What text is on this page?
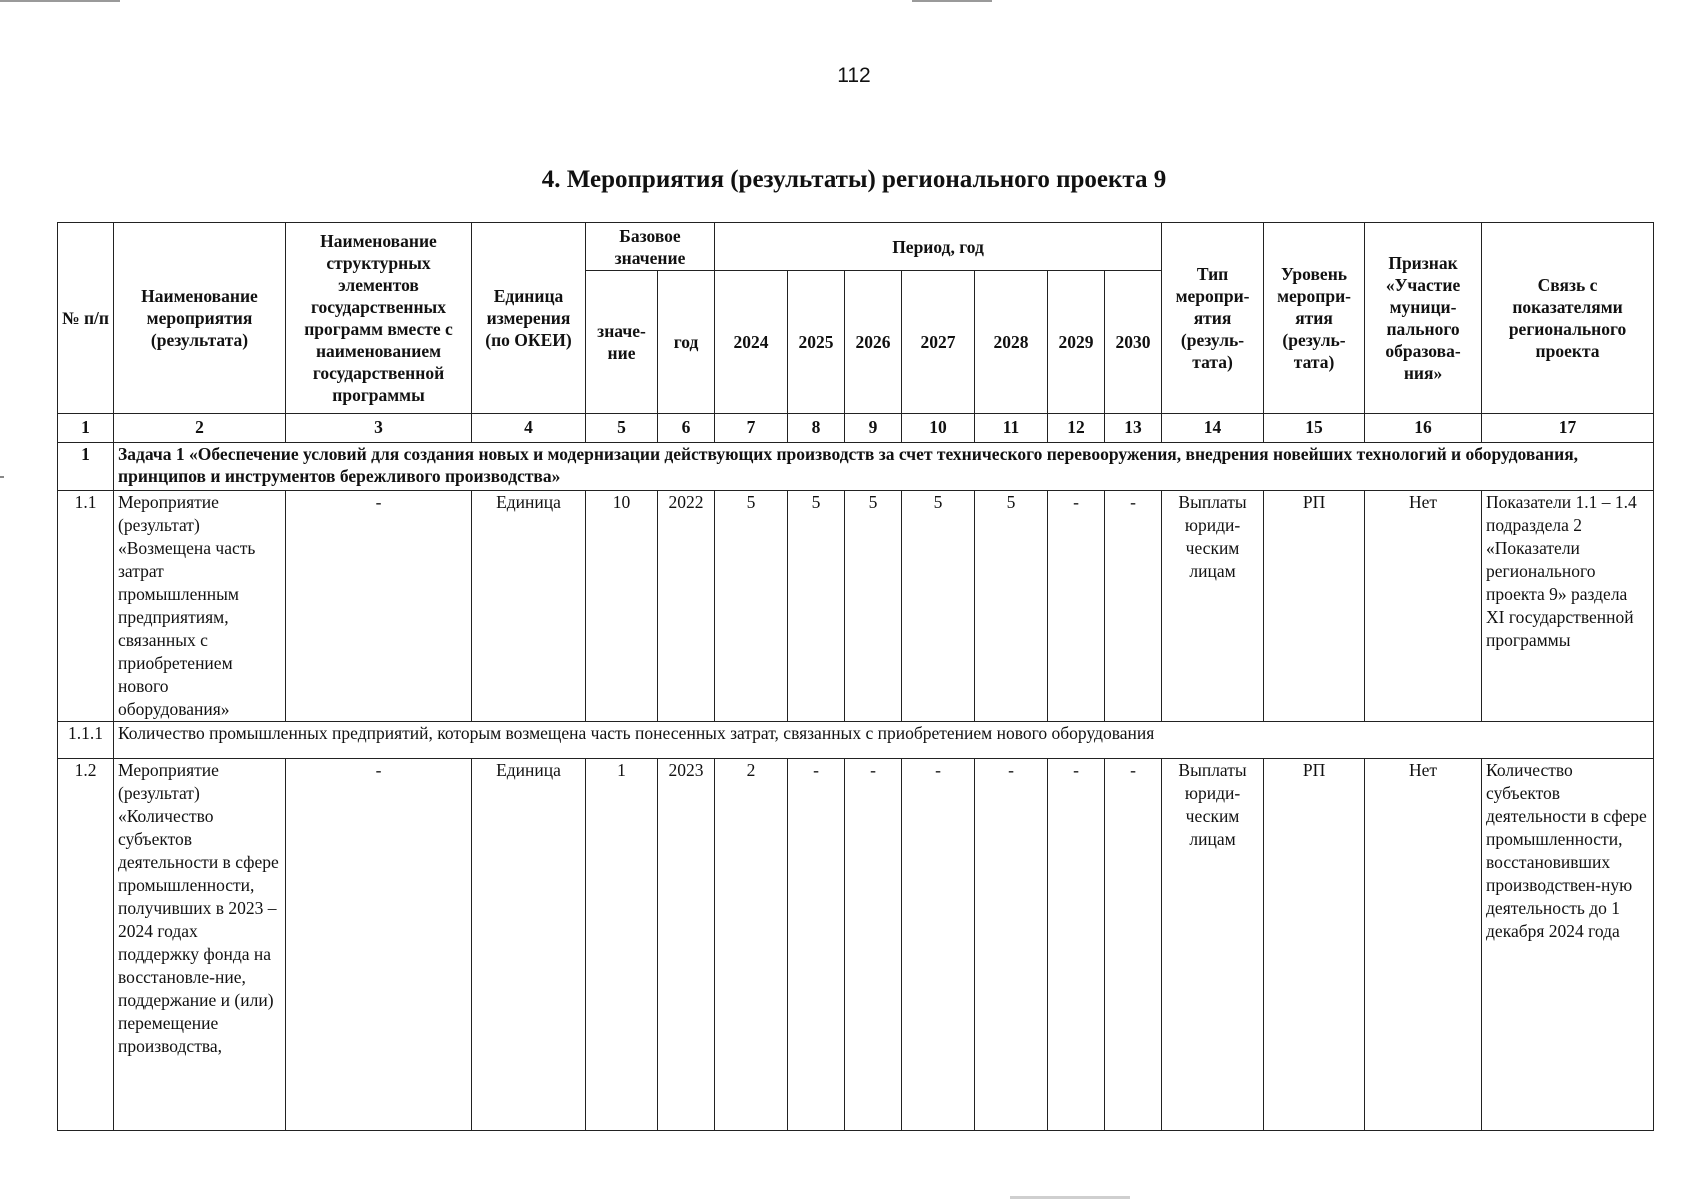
112
4. Мероприятия (результаты) регионального проекта 9
№ п/п	Наименование мероприятия (результата)	Наименование структурных элементов государственных программ вместе с наименованием государственной программы	Единица измерения (по ОКЕИ)	Базовое значение		Период, год							Тип меропри-ятия (резуль-тата)	Уровень меропри-ятия (резуль-тата)	Признак «Участие муници-пального образова-ния»	Связь с показателями регионального проекта
				значе-ние	год	2024	2025	2026	2027	2028	2029	2030				
1	2	3	4	5	6	7	8	9	10	11	12	13	14	15	16	17
1	Задача 1 «Обеспечение условий для создания новых и модернизации действующих производств за счет технического перевооружения, внедрения новейших технологий и оборудования, принципов и инструментов бережливого производства»															
1.1	Мероприятие (результат) «Возмещена часть затрат промышленным предприятиям, связанных с приобретением нового оборудования»	-	Единица	10	2022	5	5	5	5	5	-	-	Выплаты юриди-ческим лицам	РП	Нет	Показатели 1.1 – 1.4 подраздела 2 «Показатели регионального проекта 9» раздела XI государственной программы
1.1.1	Количество промышленных предприятий, которым возмещена часть понесенных затрат, связанных с приобретением нового оборудования															
1.2	Мероприятие (результат) «Количество субъектов деятельности в сфере промышленности, получивших в 2023 – 2024 годах поддержку фонда на восстановле-ние, поддержание и (или) перемещение производства,	-	Единица	1	2023	2	-	-	-	-	-	-	Выплаты юриди-ческим лицам	РП	Нет	Количество субъектов деятельности в сфере промышленности, восстановивших производствен-ную деятельность до 1 декабря 2024 года
